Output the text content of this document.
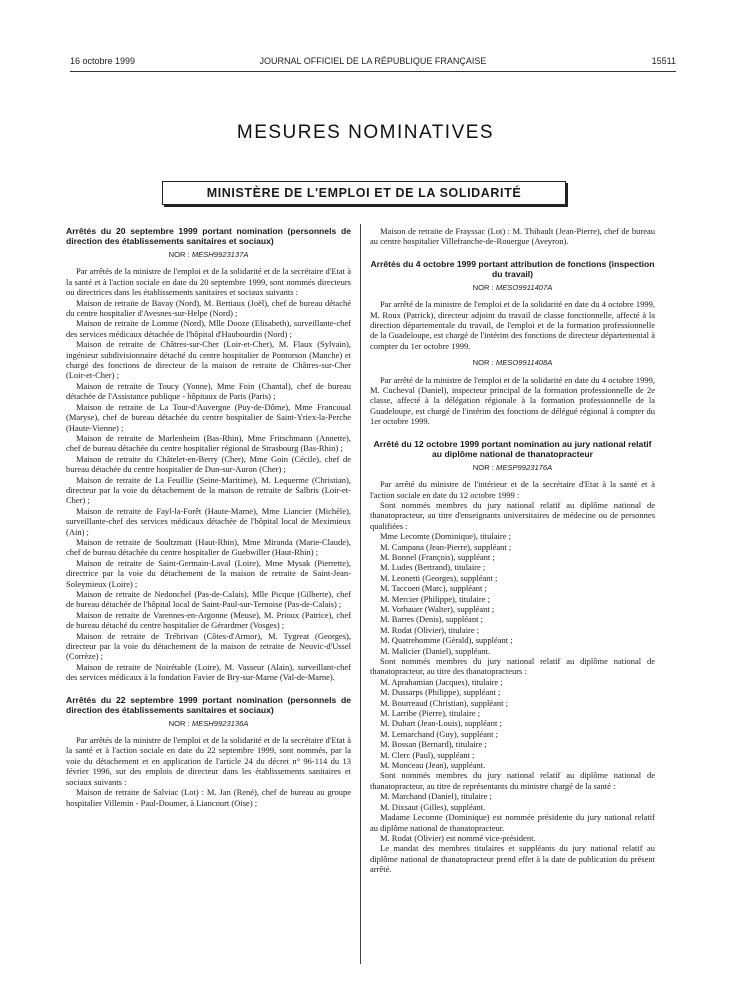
16 octobre 1999	JOURNAL OFFICIEL DE LA RÉPUBLIQUE FRANÇAISE	15511
MESURES NOMINATIVES
MINISTÈRE DE L'EMPLOI ET DE LA SOLIDARITÉ
Arrêtés du 20 septembre 1999 portant nomination (personnels de direction des établissements sanitaires et sociaux)
NOR : MESH9923137A

Par arrêtés de la ministre de l'emploi et de la solidarité et de la secrétaire d'Etat à la santé et à l'action sociale en date du 20 septembre 1999, sont nommés directeurs ou directrices dans les établissements sanitaires et sociaux suivants :

Maison de retraite de Bavay (Nord), M. Bertiaux (Joël), chef de bureau détaché du centre hospitalier d'Avesnes-sur-Helpe (Nord) ;

Maison de retraite de Lomme (Nord), Mlle Dooze (Elisabeth), surveillante-chef des services médicaux détachée de l'hôpital d'Haubourdin (Nord) ;

Maison de retraite de Châtres-sur-Cher (Loir-et-Cher), M. Flaux (Sylvain), ingénieur subdivisionnaire détaché du centre hospitalier de Pontorson (Manche) et chargé des fonctions de directeur de la maison de retraite de Châtres-sur-Cher (Loir-et-Cher) ;

Maison de retraite de Toucy (Yonne), Mme Foin (Chantal), chef de bureau détachée de l'Assistance publique - hôpitaux de Paris (Paris) ;

Maison de retraite de La Tour-d'Auvergne (Puy-de-Dôme), Mme Francoual (Maryse), chef de bureau détachée du centre hospitalier de Saint-Yriex-la-Perche (Haute-Vienne) ;

Maison de retraite de Marlenheim (Bas-Rhin), Mme Fritschmann (Annette), chef de bureau détachée du centre hospitalier régional de Strasbourg (Bas-Rhin) ;

Maison de retraite du Châtelet-en-Berry (Cher), Mme Goin (Cécile), chef de bureau détachée du centre hospitalier de Dun-sur-Auron (Cher) ;

Maison de retraite de La Feuillie (Seine-Maritime), M. Lequerme (Christian), directeur par la voie du détachement de la maison de retraite de Salbris (Loir-et-Cher) ;

Maison de retraite de Fayl-la-Forêt (Haute-Marne), Mme Liancier (Michèle), surveillante-chef des services médicaux détachée de l'hôpital local de Meximieux (Ain) ;

Maison de retraite de Soultzmatt (Haut-Rhin), Mme Miranda (Marie-Claude), chef de bureau détachée du centre hospitalier de Guebwiller (Haut-Rhin) ;

Maison de retraite de Saint-Germain-Laval (Loire), Mme Mysak (Pierrette), directrice par la voie du détachement de la maison de retraite de Saint-Jean-Soleymieux (Loire) ;

Maison de retraite de Nedonchel (Pas-de-Calais), Mlle Picque (Gilberte), chef de bureau détachée de l'hôpital local de Saint-Paul-sur-Ternoise (Pas-de-Calais) ;

Maison de retraite de Varennes-en-Argonne (Meuse), M. Prioux (Patrice), chef de bureau détaché du centre hospitalier de Gérardmer (Vosges) ;

Maison de retraite de Trébrivan (Côtes-d'Armor), M. Tygreat (Georges), directeur par la voie du détachement de la maison de retraite de Neuvic-d'Ussel (Corrèze) ;

Maison de retraite de Noirétable (Loire), M. Vasseur (Alain), surveillant-chef des services médicaux à la fondation Favier de Bry-sur-Marne (Val-de-Marne).

Arrêtés du 22 septembre 1999 portant nomination (personnels de direction des établissements sanitaires et sociaux)
NOR : MESH9923136A

Par arrêtés de la ministre de l'emploi et de la solidarité et de la secrétaire d'Etat à la santé et à l'action sociale en date du 22 septembre 1999, sont nommés, par la voie du détachement et en application de l'article 24 du décret n° 96-114 du 13 février 1996, sur des emplois de directeur dans les établissements sanitaires et sociaux suivants :

Maison de retraite de Salviac (Lot) : M. Jan (René), chef de bureau au groupe hospitalier Villemin - Paul-Doumer, à Liancourt (Oise) ;

Maison de retraite de Frayssac (Lot) : M. Thibault (Jean-Pierre), chef de bureau au centre hospitalier Villefranche-de-Rouergue (Aveyron).

Arrêtés du 4 octobre 1999 portant attribution de fonctions (inspection du travail)
NOR : MESO9911407A

Par arrêté de la ministre de l'emploi et de la solidarité en date du 4 octobre 1999, M. Roux (Patrick), directeur adjoint du travail de classe fonctionnelle, affecté à la direction départementale du travail, de l'emploi et de la formation professionnelle de la Guadeloupe, est chargé de l'intérim des fonctions de directeur départemental à compter du 1er octobre 1999.

NOR : MESO9911408A

Par arrêté de la ministre de l'emploi et de la solidarité en date du 4 octobre 1999, M. Cucheval (Daniel), inspecteur principal de la formation professionnelle de 2e classe, affecté à la délégation régionale à la formation professionnelle de la Guadeloupe, est chargé de l'intérim des fonctions de délégué régional à compter du 1er octobre 1999.

Arrêté du 12 octobre 1999 portant nomination au jury national relatif au diplôme national de thanatopracteur
NOR : MESP9923176A

Par arrêté du ministre de l'intérieur et de la secrétaire d'Etat à la santé et à l'action sociale en date du 12 octobre 1999 :

Sont nommés membres du jury national relatif au diplôme national de thanatopracteur, au titre d'enseignants universitaires de médecine ou de personnes qualifiées :

Mme Lecomte (Dominique), titulaire ;

M. Campana (Jean-Pierre), suppléant ;

M. Bonnel (François), suppléant ;

M. Ludes (Bertrand), titulaire ;

M. Leonetti (Georges), suppléant ;

M. Taccoen (Marc), suppléant ;

M. Mercier (Philippe), titulaire ;

M. Vorhauer (Walter), suppléant ;

M. Barres (Denis), suppléant ;

M. Rodat (Olivier), titulaire ;

M. Quatrehomme (Gérald), suppléant ;

M. Malicier (Daniel), suppléant.

Sont nommés membres du jury national relatif au diplôme national de thanatopracteur, au titre des thanatopracteurs :

M. Aprahamian (Jacques), titulaire ;

M. Dussarps (Philippe), suppléant ;

M. Bourreaud (Christian), suppléant ;

M. Larribe (Pierre), titulaire ;

M. Duhart (Jean-Louis), suppléant ;

M. Lemarchand (Guy), suppléant ;

M. Bossan (Bernard), titulaire ;

M. Clerc (Paul), suppléant ;

M. Monceau (Jean), suppléant.

Sont nommés membres du jury national relatif au diplôme national de thanatopracteur, au titre de représentants du ministre chargé de la santé :

M. Marchand (Daniel), titulaire ;

M. Dixsaut (Gilles), suppléant.

Madame Lecomte (Dominique) est nommée présidente du jury national relatif au diplôme national de thanatopracteur.

M. Rodat (Olivier) est nommé vice-président.

Le mandat des membres titulaires et suppléants du jury national relatif au diplôme national de thanatopracteur prend effet à la date de publication du présent arrêté.
